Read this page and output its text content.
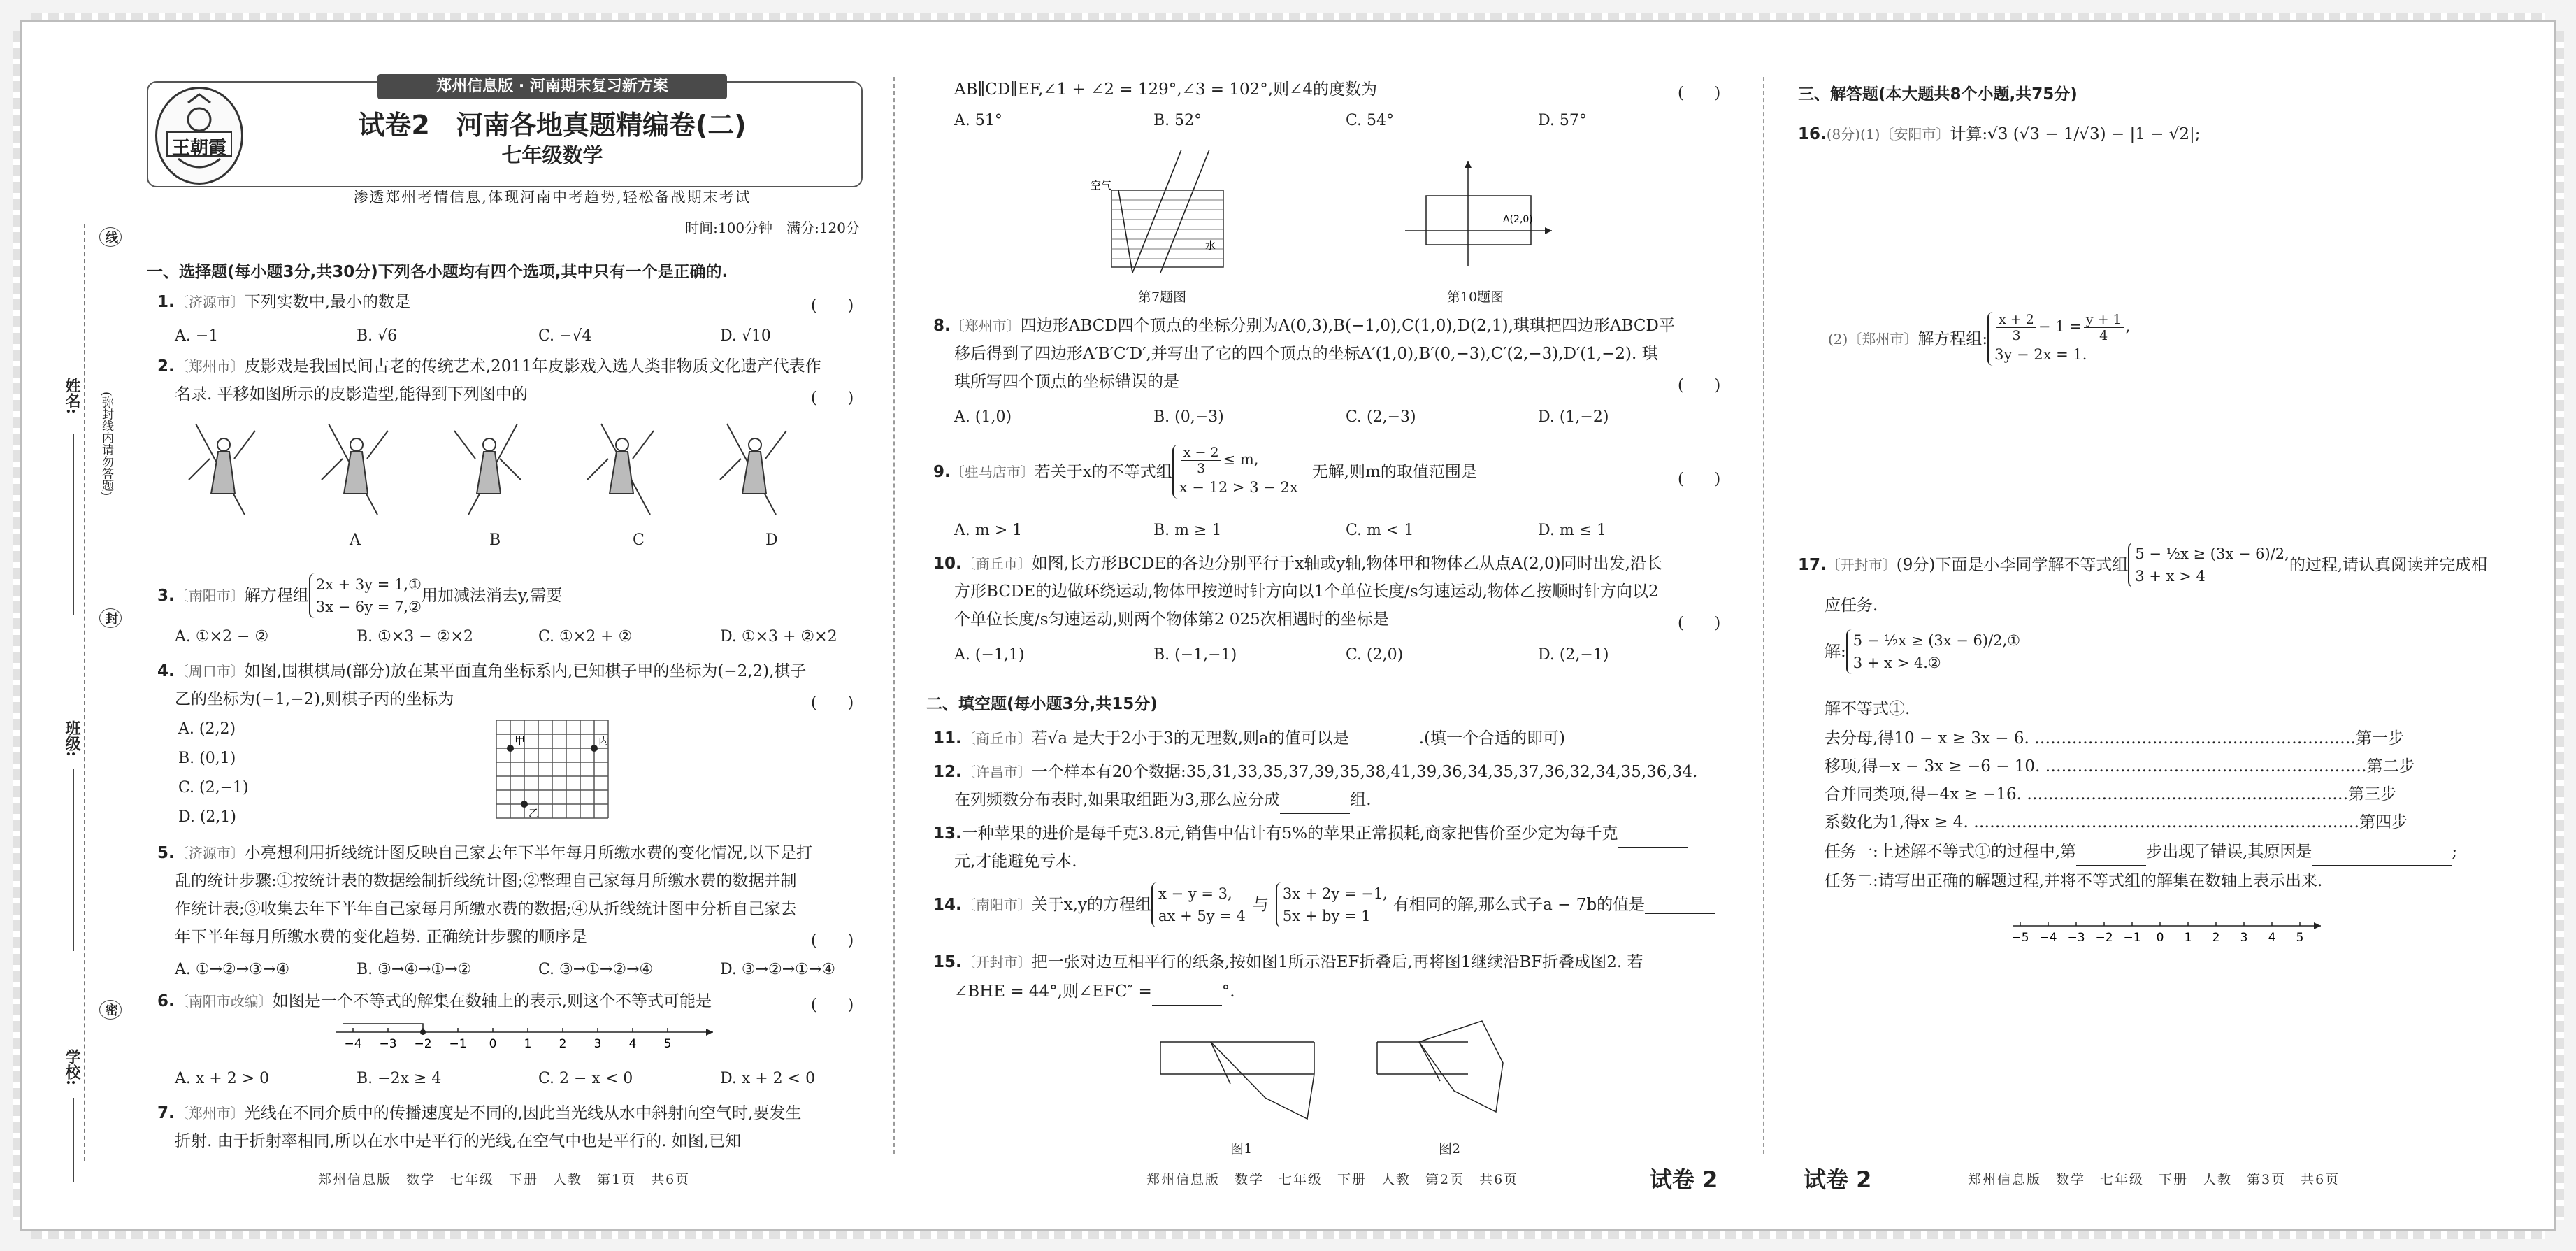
姓名:
班级:
学校:
线
封
密
(弥封线内请勿答题)
郑州信息版 · 河南期末复习新方案
王朝霞
试卷2　河南各地真题精编卷(二)
七年级数学
渗透郑州考情信息,体现河南中考趋势,轻松备战期末考试
时间:100分钟　满分:120分
一、选择题(每小题3分,共30分)下列各小题均有四个选项,其中只有一个是正确的.
1.〔济源市〕下列实数中,最小的数是	(　　)
A. −1	B. √6	C. −√4	D. √10
2.〔郑州市〕皮影戏是我国民间古老的传统艺术,2011年皮影戏入选人类非物质文化遗产代表作
名录. 平移如图所示的皮影造型,能得到下列图中的	(　　)
A	B	C	D
3. 〔南阳市〕 解方程组
2x + 3y = 1,①
3x − 6y = 7,②
用加减法消去y,需要
A. ①×2 − ②	B. ①×3 − ②×2	C. ①×2 + ②	D. ①×3 + ②×2
4.〔周口市〕如图,围棋棋局(部分)放在某平面直角坐标系内,已知棋子甲的坐标为(−2,2),棋子
乙的坐标为(−1,−2),则棋子丙的坐标为	(　　)
A. (2,2)
B. (0,1)
C. (2,−1)
D. (2,1)
甲	丙
乙
5.〔济源市〕小亮想利用折线统计图反映自己家去年下半年每月所缴水费的变化情况,以下是打
乱的统计步骤:①按统计表的数据绘制折线统计图;②整理自己家每月所缴水费的数据并制
作统计表;③收集去年下半年自己家每月所缴水费的数据;④从折线统计图中分析自己家去
年下半年每月所缴水费的变化趋势. 正确统计步骤的顺序是	(　　)
A. ①→②→③→④	B. ③→④→①→②	C. ③→①→②→④	D. ③→②→①→④
6.〔南阳市改编〕如图是一个不等式的解集在数轴上的表示,则这个不等式可能是	(　　)
−4 −3 −2 −1 0 1 2 3 4 5
A. x + 2 > 0	B. −2x ≥ 4	C. 2 − x < 0	D. x + 2 < 0
7.〔郑州市〕光线在不同介质中的传播速度是不同的,因此当光线从水中斜射向空气时,要发生
折射. 由于折射率相同,所以在水中是平行的光线,在空气中也是平行的. 如图,已知
郑州信息版　数学　七年级　下册　人教　第1页　共6页
AB∥CD∥EF,∠1 + ∠2 = 129°,∠3 = 102°,则∠4的度数为	(　　)
A. 51°	B. 52°	C. 54°	D. 57°
空气
水
第7题图
A(2,0)
第10题图
8.〔郑州市〕四边形ABCD四个顶点的坐标分别为A(0,3),B(−1,0),C(1,0),D(2,1),琪琪把四边形ABCD平
移后得到了四边形A′B′C′D′,并写出了它的四个顶点的坐标A′(1,0),B′(0,−3),C′(2,−3),D′(1,−2). 琪
琪所写四个顶点的坐标错误的是	(　　)
A. (1,0)	B. (0,−3)	C. (2,−3)	D. (1,−2)
9. 〔驻马店市〕 若关于x的不等式组 $\frac{x - 2}{3} \le m$,
x − 12 > 3 − 2x
无解,则m的取值范围是	(　　)
A. m > 1	B. m ≥ 1	C. m < 1	D. m ≤ 1
10.〔商丘市〕如图,长方形BCDE的各边分别平行于x轴或y轴,物体甲和物体乙从点A(2,0)同时出发,沿长
方形BCDE的边做环绕运动,物体甲按逆时针方向以1个单位长度/s匀速运动,物体乙按顺时针方向以2
个单位长度/s匀速运动,则两个物体第2 025次相遇时的坐标是	(　　)
A. (−1,1)	B. (−1,−1)	C. (2,0)	D. (2,−1)
二、填空题(每小题3分,共15分)
11.〔商丘市〕若√a 是大于2小于3的无理数,则a的值可以是	.(填一个合适的即可)
12.〔许昌市〕一个样本有20个数据:35,31,33,35,37,39,35,38,41,39,36,34,35,37,36,32,34,35,36,34.
在列频数分布表时,如果取组距为3,那么应分成	组.
13.一种苹果的进价是每千克3.8元,销售中估计有5%的苹果正常损耗,商家把售价至少定为每千克
元,才能避免亏本.
14. 〔南阳市〕 关于x,y的方程组
x − y = 3,
ax + 5y = 4
与
3x + 2y = −1,
5x + by = 1
有相同的解,那么式子a − 7b的值是
15.〔开封市〕把一张对边互相平行的纸条,按如图1所示沿EF折叠后,再将图1继续沿BF折叠成图2. 若
∠BHE = 44°,则∠EFC″ =	°.
图1	图2
郑州信息版　数学　七年级　下册　人教　第2页　共6页	试卷 2
三、解答题(本大题共8个小题,共75分)
16.(8分)(1)〔安阳市〕计算:√3 (√3 − 1/√3) − |1 − √2|;
(2)〔郑州市〕 解方程组: $\frac{x + 2}{3} - 1 = \frac{y + 1}{4}$ ,
3y − 2x = 1.
17. 〔开封市〕 (9分)下面是小李同学解不等式组
5 − ½x ≥ (3x − 6)/2,
3 + x > 4
的过程,请认真阅读并完成相
应任务.
解:
5 − ½x ≥ (3x − 6)/2,①
3 + x > 4.②
解不等式①.
去分母,得10 − x ≥ 3x − 6. ……………………………………………………第一步
移项,得−x − 3x ≥ −6 − 10. ……………………………………………………第二步
合并同类项,得−4x ≥ −16. ……………………………………………………第三步
系数化为1,得x ≥ 4. ………………………………………………………………第四步
任务一:上述解不等式①的过程中,第	步出现了错误,其原因是	;
任务二:请写出正确的解题过程,并将不等式组的解集在数轴上表示出来.
−5 −4 −3 −2 −1 0 1 2 3 4 5
试卷 2	郑州信息版　数学　七年级　下册　人教　第3页　共6页
